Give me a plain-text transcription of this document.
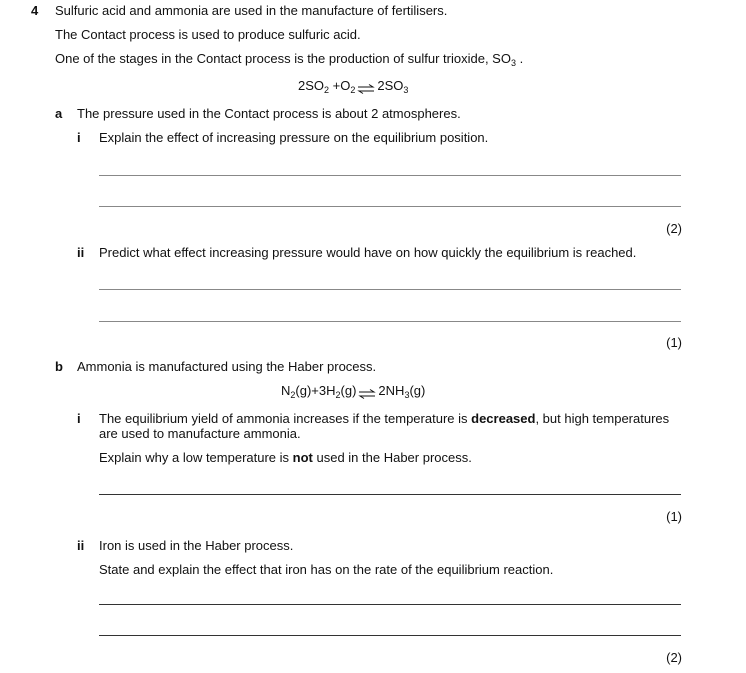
4 Sulfuric acid and ammonia are used in the manufacture of fertilisers.
The Contact process is used to produce sulfuric acid.
One of the stages in the Contact process is the production of sulfur trioxide, $SO_3$ .
$2SO_2 +O_2$ ⇌ $2SO_3$
a The pressure used in the Contact process is about 2 atmospheres.
i Explain the effect of increasing pressure on the equilibrium position.
(2)
ii Predict what effect increasing pressure would have on how quickly the equilibrium is reached.
(1)
b Ammonia is manufactured using the Haber process.
$N_2(g)+3H_2(g)$ ⇌ $2NH_3(g)$
i The equilibrium yield of ammonia increases if the temperature is decreased, but high temperatures
are used to manufacture ammonia.
Explain why a low temperature is not used in the Haber process.
(1)
ii Iron is used in the Haber process.
State and explain the effect that iron has on the rate of the equilibrium reaction.
(2)
